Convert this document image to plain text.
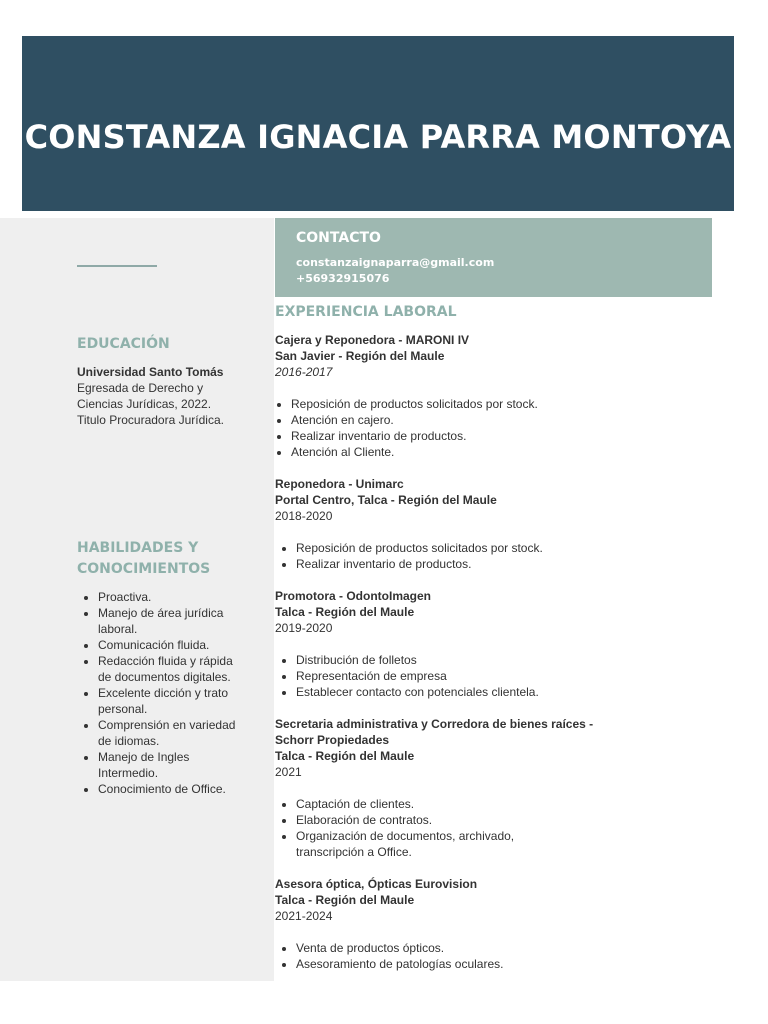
CONSTANZA IGNACIA PARRA MONTOYA
CONTACTO
constanzaignaparra@gmail.com
+56932915076
EDUCACIÓN
Universidad Santo Tomás
Egresada de Derecho y Ciencias Jurídicas, 2022.
Titulo Procuradora Jurídica.
HABILIDADES Y CONOCIMIENTOS
• Proactiva.
• Manejo de área jurídica laboral.
• Comunicación fluida.
• Redacción fluida y rápida de documentos digitales.
• Excelente dicción y trato personal.
• Comprensión en variedad de idiomas.
• Manejo de Ingles Intermedio.
• Conocimiento de Office.
EXPERIENCIA LABORAL
Cajera y Reponedora - MARONI IV
San Javier - Región del Maule
2016-2017
• Reposición de productos solicitados por stock.
• Atención en cajero.
• Realizar inventario de productos.
• Atención al Cliente.
Reponedora - Unimarc
Portal Centro, Talca - Región del Maule
2018-2020
• Reposición de productos solicitados por stock.
• Realizar inventario de productos.
Promotora - OdontoImagen
Talca - Región del Maule
2019-2020
• Distribución de folletos
• Representación de empresa
• Establecer contacto con potenciales clientela.
Secretaria administrativa y Corredora de bienes raíces - Schorr Propiedades
Talca - Región del Maule
2021
• Captación de clientes.
• Elaboración de contratos.
• Organización de documentos, archivado, transcripción a Office.
Asesora óptica, Ópticas Eurovision
Talca - Región del Maule
2021-2024
• Venta de productos ópticos.
• Asesoramiento de patologías oculares.
